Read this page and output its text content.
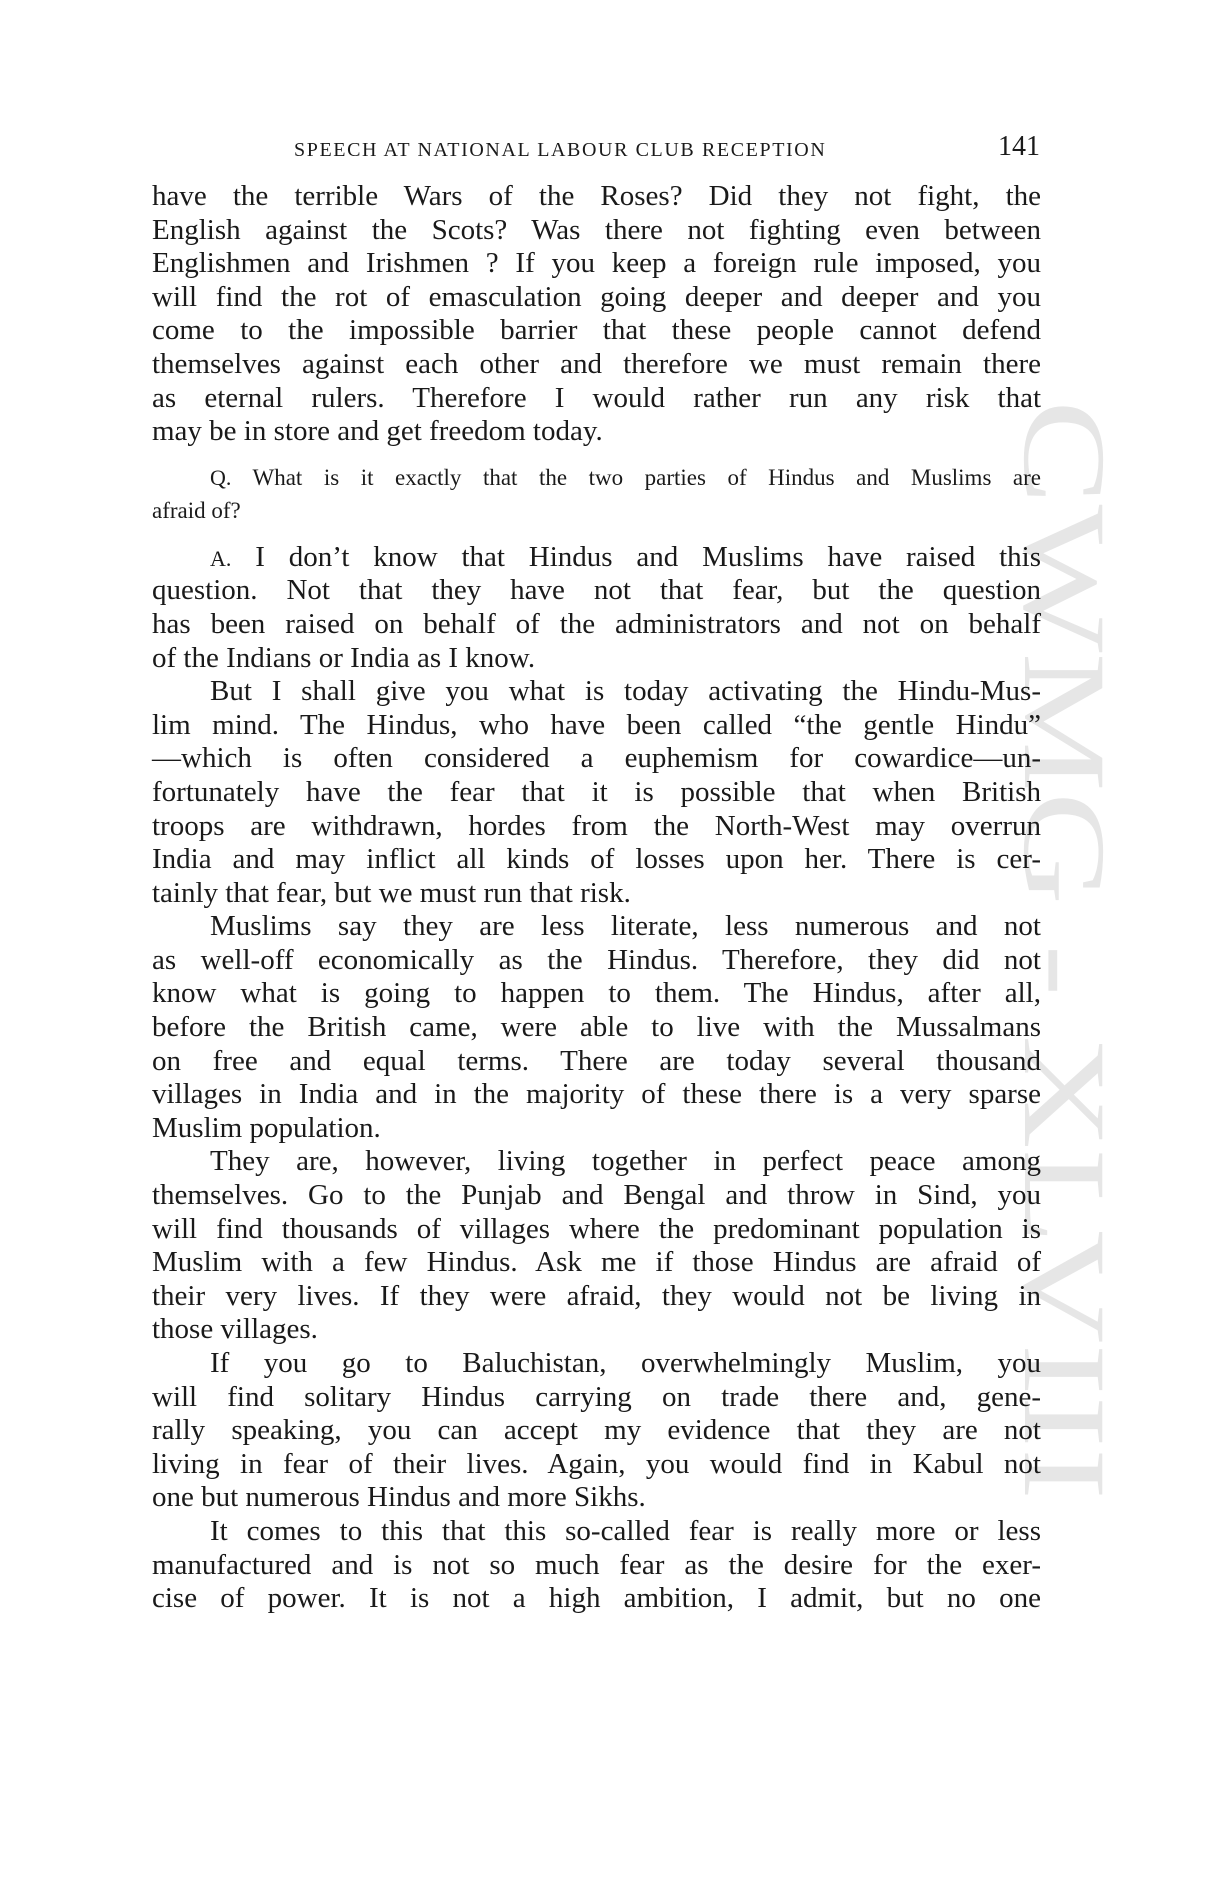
SPEECH AT NATIONAL LABOUR CLUB RECEPTION	141
CWMG - XLVIII
have the terrible Wars of the Roses? Did they not fight, the
English against the Scots? Was there not fighting even between
Englishmen and Irishmen ? If you keep a foreign rule imposed, you
will find the rot of emasculation going deeper and deeper and you
come to the impossible barrier that these people cannot defend
themselves against each other and therefore we must remain there
as eternal rulers. Therefore I would rather run any risk that
may be in store and get freedom today.
Q. What is it exactly that the two parties of Hindus and Muslims are
afraid of?
A. I don’t know that Hindus and Muslims have raised this
question. Not that they have not that fear, but the question
has been raised on behalf of the administrators and not on behalf
of the Indians or India as I know.
But I shall give you what is today activating the Hindu-Mus-
lim mind. The Hindus, who have been called “the gentle Hindu”
—which is often considered a euphemism for cowardice—un-
fortunately have the fear that it is possible that when British
troops are withdrawn, hordes from the North-West may overrun
India and may inflict all kinds of losses upon her. There is cer-
tainly that fear, but we must run that risk.
Muslims say they are less literate, less numerous and not
as well-off economically as the Hindus. Therefore, they did not
know what is going to happen to them. The Hindus, after all,
before the British came, were able to live with the Mussalmans
on free and equal terms. There are today several thousand
villages in India and in the majority of these there is a very sparse
Muslim population.
They are, however, living together in perfect peace among
themselves. Go to the Punjab and Bengal and throw in Sind, you
will find thousands of villages where the predominant population is
Muslim with a few Hindus. Ask me if those Hindus are afraid of
their very lives. If they were afraid, they would not be living in
those villages.
If you go to Baluchistan, overwhelmingly Muslim, you
will find solitary Hindus carrying on trade there and, gene-
rally speaking, you can accept my evidence that they are not
living in fear of their lives. Again, you would find in Kabul not
one but numerous Hindus and more Sikhs.
It comes to this that this so-called fear is really more or less
manufactured and is not so much fear as the desire for the exer-
cise of power. It is not a high ambition, I admit, but no one
